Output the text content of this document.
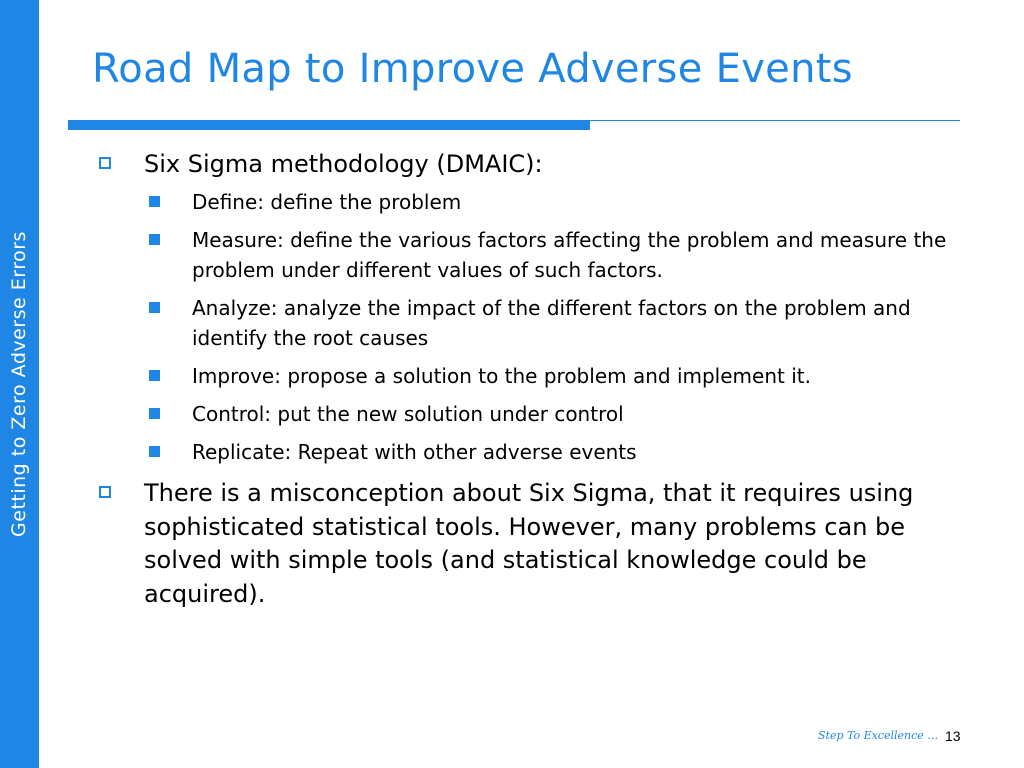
Getting to Zero Adverse Errors
Road Map to Improve Adverse Events
Six Sigma methodology (DMAIC):
Define: define the problem
Measure: define the various factors affecting the problem and measure the problem under different values of such factors.
Analyze: analyze the impact of the different factors on the problem and identify the root causes
Improve: propose a solution to the problem and implement it.
Control: put the new solution under control
Replicate: Repeat with other adverse events
There is a misconception about Six Sigma, that it requires using sophisticated statistical tools. However, many problems can be solved with simple tools (and statistical knowledge could be acquired).
Step To Excellence … 13
